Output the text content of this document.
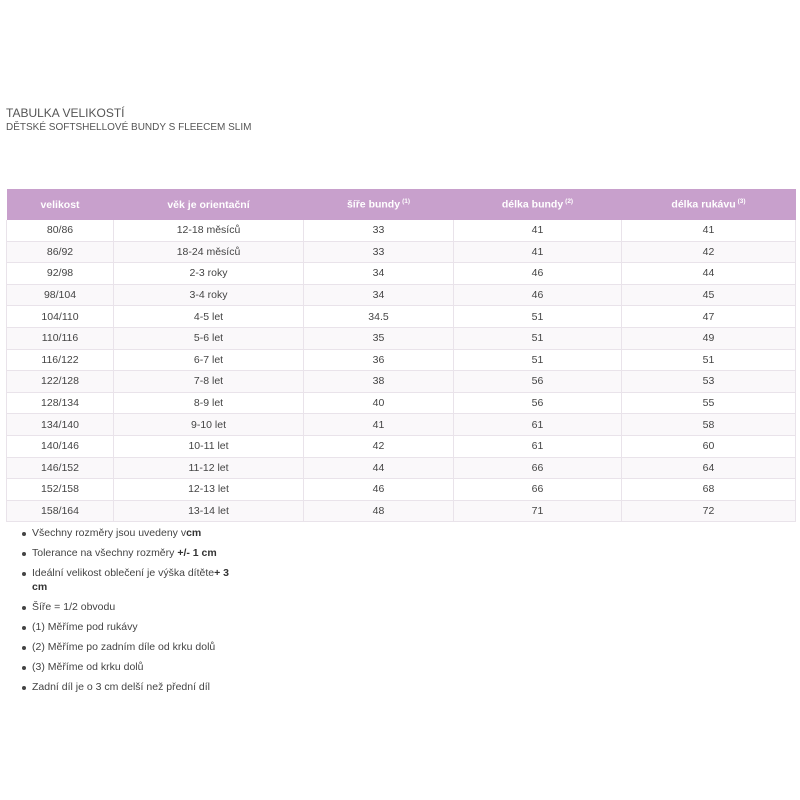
TABULKA VELIKOSTÍ
DĚTSKÉ SOFTSHELLOVÉ BUNDY S FLEECEM SLIM
velikost	věk je orientační	šíře bundy $^{(1)}$	délka bundy $^{(2)}$	délka rukávu $^{(3)}$
80/86	12-18 měsíců	33	41	41
86/92	18-24 měsíců	33	41	42
92/98	2-3 roky	34	46	44
98/104	3-4 roky	34	46	45
104/110	4-5 let	34.5	51	47
110/116	5-6 let	35	51	49
116/122	6-7 let	36	51	51
122/128	7-8 let	38	56	53
128/134	8-9 let	40	56	55
134/140	9-10 let	41	61	58
140/146	10-11 let	42	61	60
146/152	11-12 let	44	66	64
152/158	12-13 let	46	66	68
158/164	13-14 let	48	71	72
Všechny rozměry jsou uvedeny vcm
Tolerance na všechny rozměry +/- 1 cm
Ideální velikost oblečení je výška dítěte+ 3 cm
Šíře = 1/2 obvodu
(1) Měříme pod rukávy
(2) Měříme po zadním díle od krku dolů
(3) Měříme od krku dolů
Zadní díl je o 3 cm delší než přední díl
